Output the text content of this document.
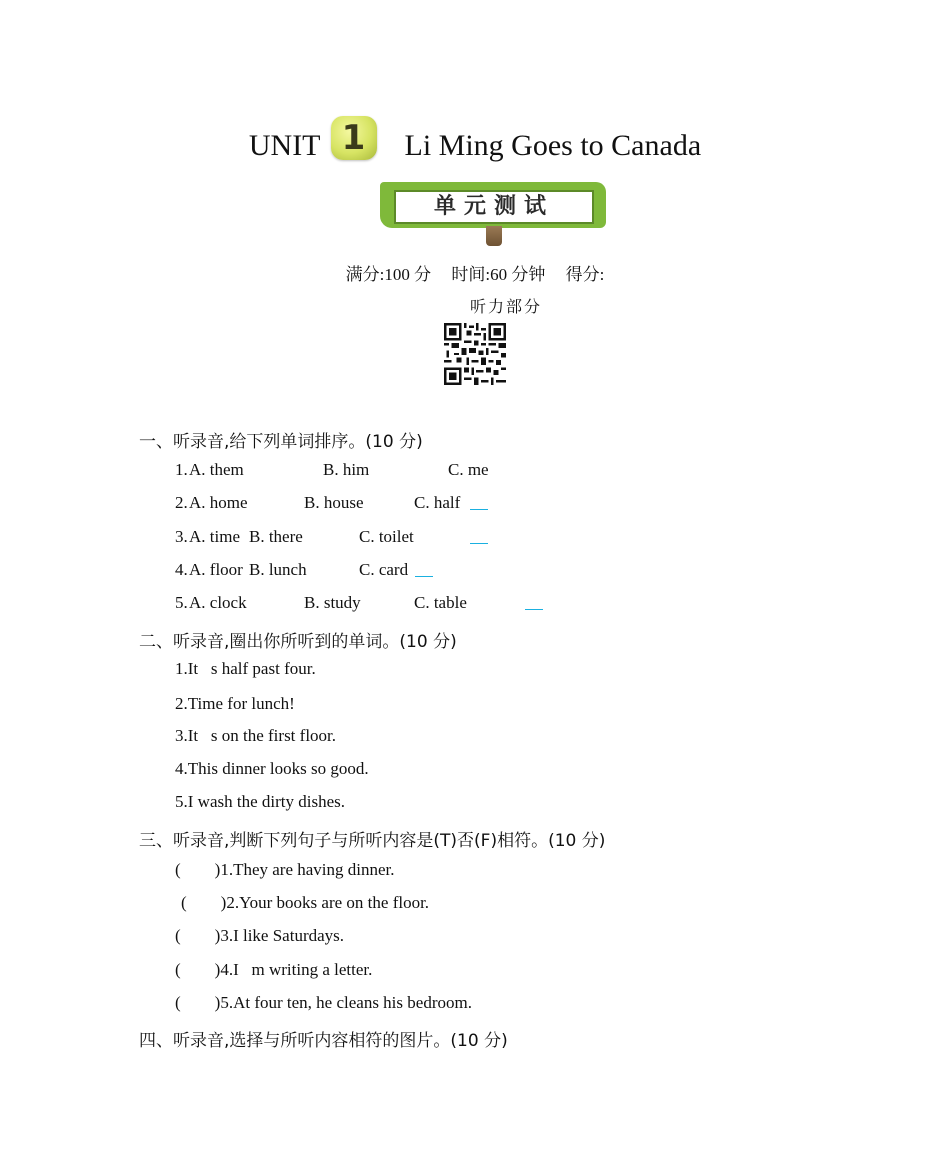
UNIT 1 Li Ming Goes to Canada
单元测试
满分:100 分 时间:60 分钟 得分:
听力部分
一、听录音,给下列单词排序。(10 分)
1. A. them	B. him	C. me
2. A. home	B. house	C. half
3. A. time B. there	C. toilet
4. A. floor B. lunch	C. card
5. A. clock	B. study	C. table
二、听录音,圈出你所听到的单词。(10 分)
1.It   s half past four.
2.Time for lunch!
3.It   s on the first floor.
4.This dinner looks so good.
5.I wash the dirty dishes.
三、听录音,判断下列句子与所听内容是(T)否(F)相符。(10 分)
(        )1.They are having dinner.
(        )2.Your books are on the floor.
(        )3.I like Saturdays.
(        )4.I   m writing a letter.
(        )5.At four ten, he cleans his bedroom.
四、听录音,选择与所听内容相符的图片。(10 分)
